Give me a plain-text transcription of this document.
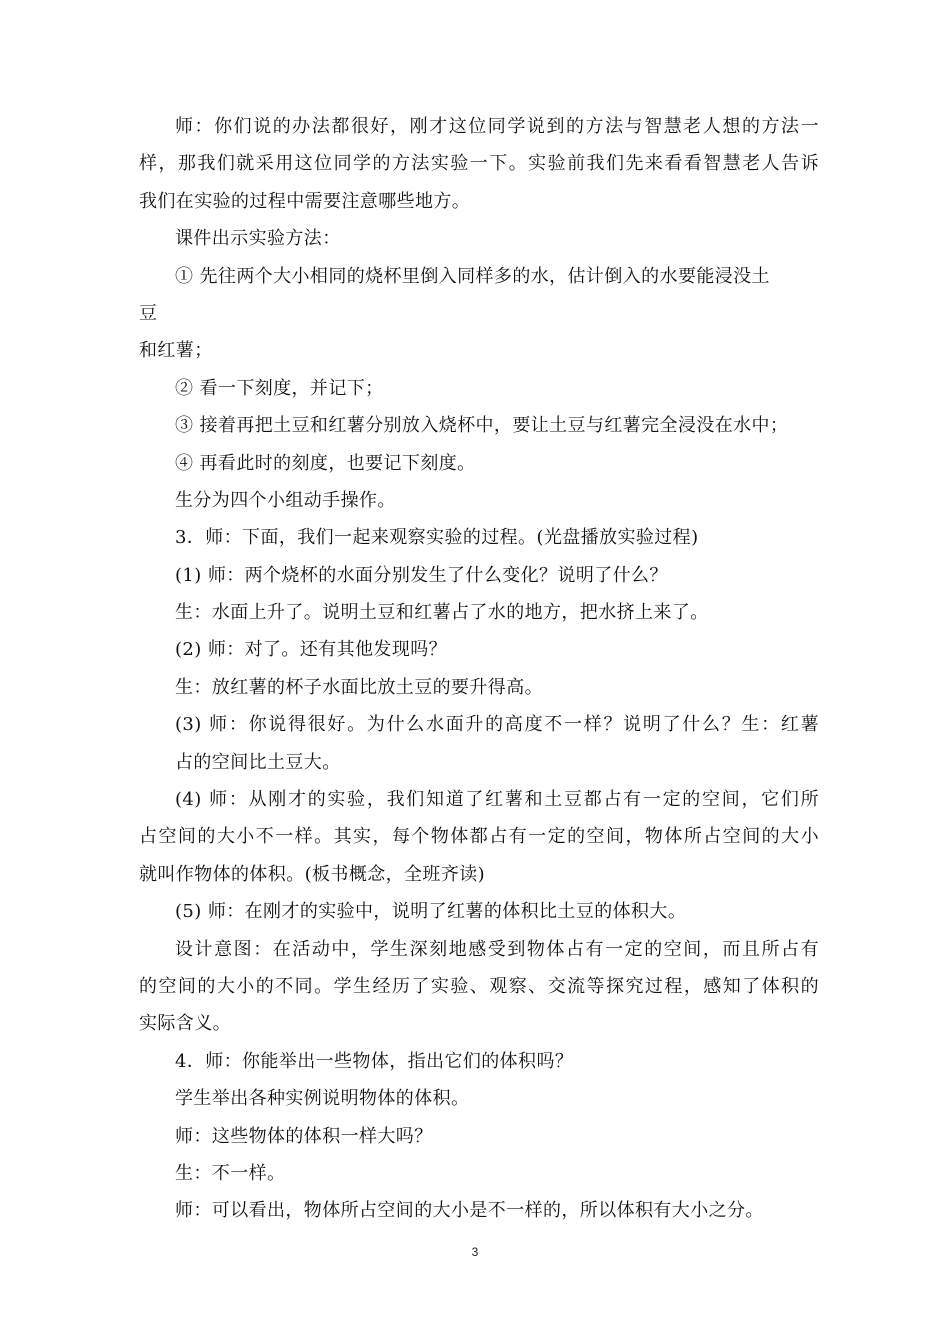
师：你们说的办法都很好，刚才这位同学说到的方法与智慧老人想的方法一
样，那我们就采用这位同学的方法实验一下。实验前我们先来看看智慧老人告诉
我们在实验的过程中需要注意哪些地方。
课件出示实验方法：
① 先往两个大小相同的烧杯里倒入同样多的水，估计倒入的水要能浸没土
豆
和红薯；
② 看一下刻度，并记下；
③ 接着再把土豆和红薯分别放入烧杯中，要让土豆与红薯完全浸没在水中；
④ 再看此时的刻度，也要记下刻度。
生分为四个小组动手操作。
3．师：下面，我们一起来观察实验的过程。(光盘播放实验过程)
(1) 师：两个烧杯的水面分别发生了什么变化？说明了什么？
生：水面上升了。说明土豆和红薯占了水的地方，把水挤上来了。
(2) 师：对了。还有其他发现吗？
生：放红薯的杯子水面比放土豆的要升得高。
(3) 师：你说得很好。为什么水面升的高度不一样？说明了什么？生：红薯
占的空间比土豆大。
(4) 师：从刚才的实验，我们知道了红薯和土豆都占有一定的空间，它们所
占空间的大小不一样。其实，每个物体都占有一定的空间，物体所占空间的大小
就叫作物体的体积。(板书概念，全班齐读)
(5) 师：在刚才的实验中，说明了红薯的体积比土豆的体积大。
设计意图：在活动中，学生深刻地感受到物体占有一定的空间，而且所占有
的空间的大小的不同。学生经历了实验、观察、交流等探究过程，感知了体积的
实际含义。
4．师：你能举出一些物体，指出它们的体积吗？
学生举出各种实例说明物体的体积。
师：这些物体的体积一样大吗？
生：不一样。
师：可以看出，物体所占空间的大小是不一样的，所以体积有大小之分。
3
